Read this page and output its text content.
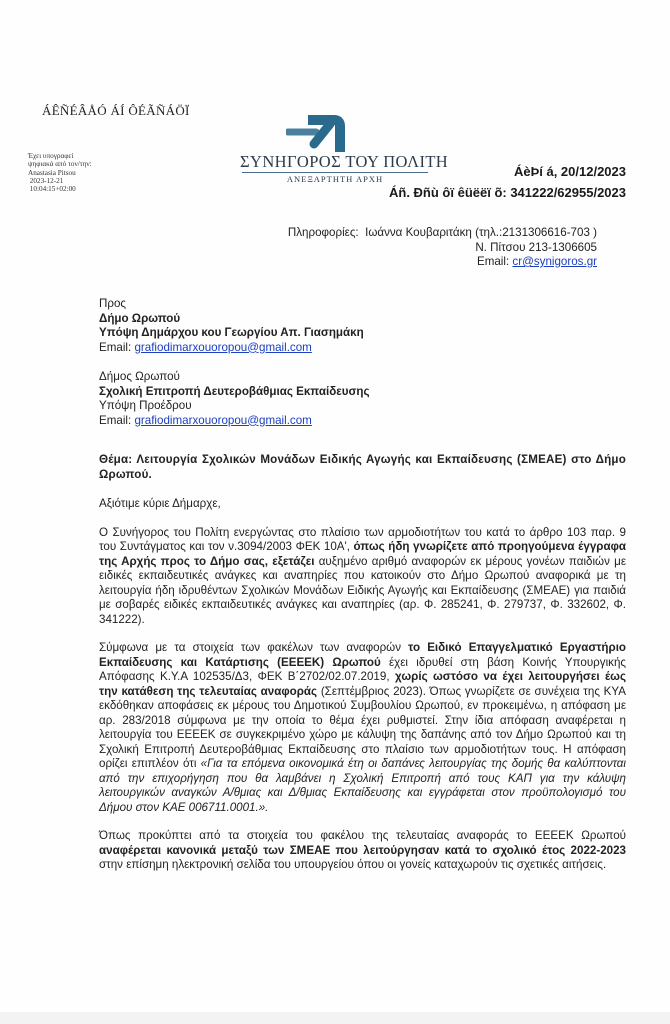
ÁÊÑÉÂÅÓ ÁÍ ÔÉÃÑÁÖÏ
Έχει υπογραφεί
ψηφιακά από τον/την:
Anastasia Pitsou
2023-12-21
10:04:15+02:00
ΣΥΝΗΓΟΡΟΣ ΤΟΥ ΠΟΛΙΤΗ
ΑΝΕΞΑΡΤΗΤΗ ΑΡΧΗ	ÁèÞí á, 20/12/2023
Áñ. Ðñù ôï êüëëï õ: 341222/62955/2023
Πληροφορίες: Ιωάννα Κουβαριτάκη (τηλ.:2131306616-703 )
Ν. Πίτσου 213-1306605
Email: cr@synigoros.gr
Προς
Δήμο Ωρωπού
Υπόψη Δημάρχου κου Γεωργίου Απ. Γιασημάκη
Email: grafiodimarxouoropou@gmail.com
Δήμος Ωρωπού
Σχολική Επιτροπή Δευτεροβάθμιας Εκπαίδευσης
Υπόψη Προέδρου
Email: grafiodimarxouoropou@gmail.com

Θέμα: Λειτουργία Σχολικών Μονάδων Ειδικής Αγωγής και Εκπαίδευσης (ΣΜΕΑΕ) στο Δήμο Ωρωπού.

Αξιότιμε κύριε Δήμαρχε,

Ο Συνήγορος του Πολίτη ενεργώντας στο πλαίσιο των αρμοδιοτήτων του κατά το άρθρο 103 παρ. 9 του Συντάγματος και τον ν.3094/2003 ΦΕΚ 10Α', όπως ήδη γνωρίζετε από προηγούμενα έγγραφα της Αρχής προς το Δήμο σας, εξετάζει αυξημένο αριθμό αναφορών εκ μέρους γονέων παιδιών με ειδικές εκπαιδευτικές ανάγκες και αναπηρίες που κατοικούν στο Δήμο Ωρωπού αναφορικά με τη λειτουργία ήδη ιδρυθέντων Σχολικών Μονάδων Ειδικής Αγωγής και Εκπαίδευσης (ΣΜΕΑΕ) για παιδιά με σοβαρές ειδικές εκπαιδευτικές ανάγκες και αναπηρίες (αρ. Φ. 285241, Φ. 279737, Φ. 332602, Φ. 341222).

Σύμφωνα με τα στοιχεία των φακέλων των αναφορών το Ειδικό Επαγγελματικό Εργαστήριο Εκπαίδευσης και Κατάρτισης (ΕΕΕΕΚ) Ωρωπού έχει ιδρυθεί στη βάση Κοινής Υπουργικής Απόφασης Κ.Υ.Α 102535/Δ3, ΦΕΚ Β΄2702/02.07.2019, χωρίς ωστόσο να έχει λειτουργήσει έως την κατάθεση της τελευταίας αναφοράς (Σεπτέμβριος 2023). Όπως γνωρίζετε σε συνέχεια της ΚΥΑ εκδόθηκαν αποφάσεις εκ μέρους του Δημοτικού Συμβουλίου Ωρωπού, εν προκειμένω, η απόφαση με αρ. 283/2018 σύμφωνα με την οποία το θέμα έχει ρυθμιστεί. Στην ίδια απόφαση αναφέρεται η λειτουργία του ΕΕΕΕΚ σε συγκεκριμένο χώρο με κάλυψη της δαπάνης από τον Δήμο Ωρωπού και τη Σχολική Επιτροπή Δευτεροβάθμιας Εκπαίδευσης στο πλαίσιο των αρμοδιοτήτων τους. Η απόφαση ορίζει επιπλέον ότι «Για τα επόμενα οικονομικά έτη οι δαπάνες λειτουργίας της δομής θα καλύπτονται από την επιχορήγηση που θα λαμβάνει η Σχολική Επιτροπή από τους ΚΑΠ για την κάλυψη λειτουργικών αναγκών Α/θμιας και Δ/θμιας Εκπαίδευσης και εγγράφεται στον προϋπολογισμό του Δήμου στον ΚΑΕ 006711.0001.».

Όπως προκύπτει από τα στοιχεία του φακέλου της τελευταίας αναφοράς το ΕΕΕΕΚ Ωρωπού αναφέρεται κανονικά μεταξύ των ΣΜΕΑΕ που λειτούργησαν κατά το σχολικό έτος 2022-2023 στην επίσημη ηλεκτρονική σελίδα του υπουργείου όπου οι γονείς καταχωρούν τις σχετικές αιτήσεις.
